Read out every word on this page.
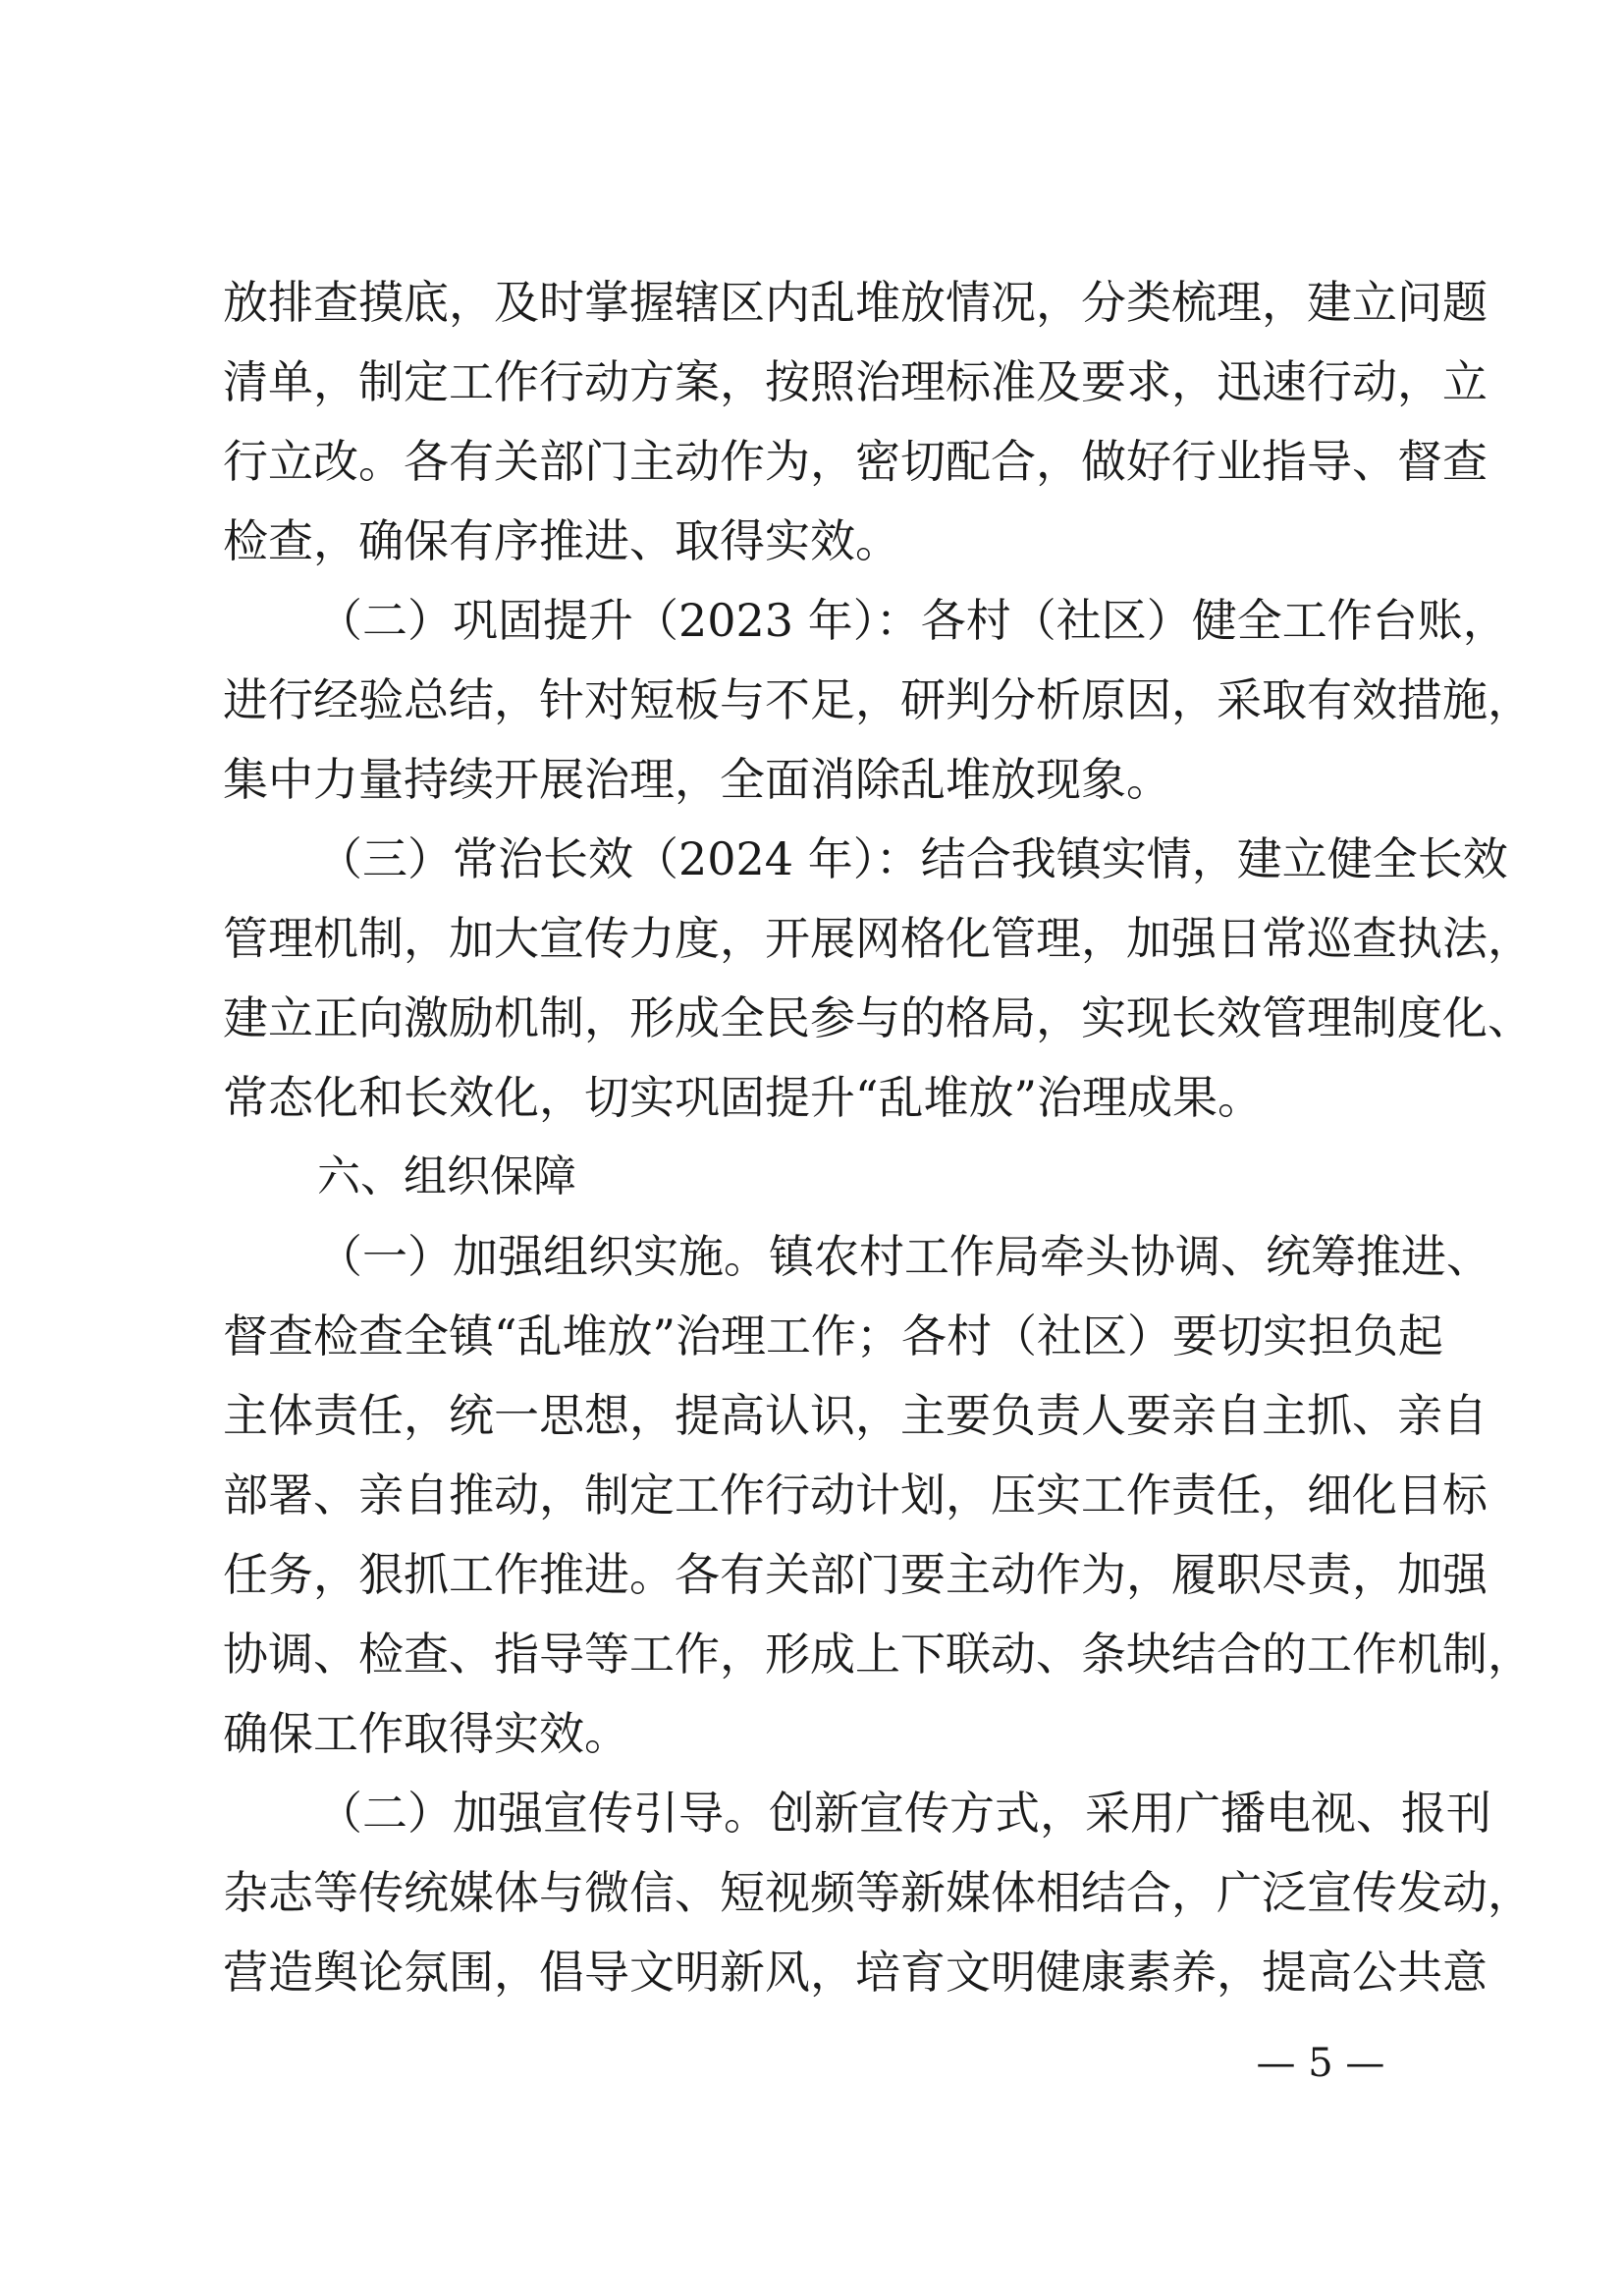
放排查摸底，及时掌握辖区内乱堆放情况，分类梳理，建立问题
清单，制定工作行动方案，按照治理标准及要求，迅速行动，立
行立改。各有关部门主动作为，密切配合，做好行业指导、督查
检查，确保有序推进、取得实效。
（二）巩固提升（2023 年）：各村（社区）健全工作台账，
进行经验总结，针对短板与不足，研判分析原因，采取有效措施，
集中力量持续开展治理，全面消除乱堆放现象。
（三）常治长效（2024 年）：结合我镇实情，建立健全长效
管理机制，加大宣传力度，开展网格化管理，加强日常巡查执法，
建立正向激励机制，形成全民参与的格局，实现长效管理制度化、
常态化和长效化，切实巩固提升“乱堆放”治理成果。
六、组织保障
（一）加强组织实施。镇农村工作局牵头协调、统筹推进、
督查检查全镇“乱堆放”治理工作；各村（社区）要切实担负起
主体责任，统一思想，提高认识，主要负责人要亲自主抓、亲自
部署、亲自推动，制定工作行动计划，压实工作责任，细化目标
任务，狠抓工作推进。各有关部门要主动作为，履职尽责，加强
协调、检查、指导等工作，形成上下联动、条块结合的工作机制，
确保工作取得实效。
（二）加强宣传引导。创新宣传方式，采用广播电视、报刊
杂志等传统媒体与微信、短视频等新媒体相结合，广泛宣传发动，
营造舆论氛围，倡导文明新风，培育文明健康素养，提高公共意
— 5 —
